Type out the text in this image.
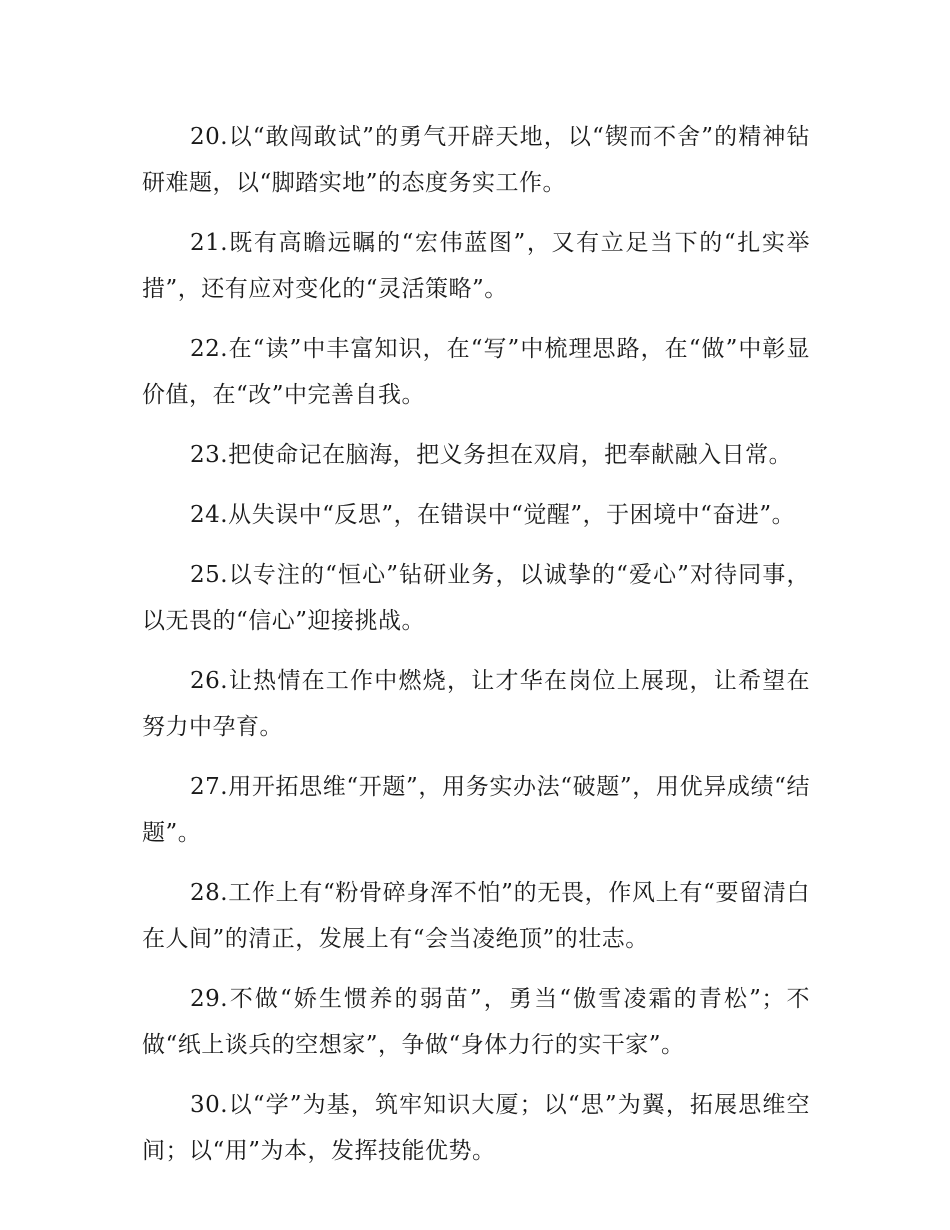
20.以“敢闯敢试”的勇气开辟天地，以“锲而不舍”的精神钻研难题，以“脚踏实地”的态度务实工作。

21.既有高瞻远瞩的“宏伟蓝图”，又有立足当下的“扎实举措”，还有应对变化的“灵活策略”。

22.在“读”中丰富知识，在“写”中梳理思路，在“做”中彰显价值，在“改”中完善自我。

23.把使命记在脑海，把义务担在双肩，把奉献融入日常。

24.从失误中“反思”，在错误中“觉醒”，于困境中“奋进”。

25.以专注的“恒心”钻研业务，以诚挚的“爱心”对待同事，以无畏的“信心”迎接挑战。

26.让热情在工作中燃烧，让才华在岗位上展现，让希望在努力中孕育。

27.用开拓思维“开题”，用务实办法“破题”，用优异成绩“结题”。

28.工作上有“粉骨碎身浑不怕”的无畏，作风上有“要留清白在人间”的清正，发展上有“会当凌绝顶”的壮志。

29.不做“娇生惯养的弱苗”，勇当“傲雪凌霜的青松”；不做“纸上谈兵的空想家”，争做“身体力行的实干家”。

30.以“学”为基，筑牢知识大厦；以“思”为翼，拓展思维空间；以“用”为本，发挥技能优势。
